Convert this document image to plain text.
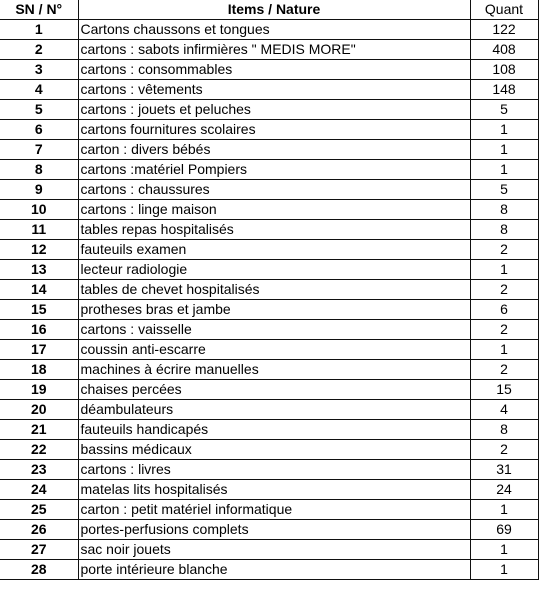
SN / N°	Items / Nature	Quant
1	Cartons chaussons et tongues	122
2	cartons : sabots infirmières " MEDIS MORE"	408
3	cartons : consommables	108
4	cartons : vêtements	148
5	cartons : jouets et peluches	5
6	cartons fournitures scolaires	1
7	carton : divers bébés	1
8	cartons :matériel Pompiers	1
9	cartons : chaussures	5
10	cartons : linge maison	8
11	tables repas hospitalisés	8
12	fauteuils examen	2
13	lecteur radiologie	1
14	tables de chevet hospitalisés	2
15	protheses bras et jambe	6
16	cartons : vaisselle	2
17	coussin anti-escarre	1
18	machines à écrire manuelles	2
19	chaises percées	15
20	déambulateurs	4
21	fauteuils handicapés	8
22	bassins médicaux	2
23	cartons : livres	31
24	matelas lits hospitalisés	24
25	carton : petit matériel informatique	1
26	portes-perfusions complets	69
27	sac noir jouets	1
28	porte intérieure blanche	1
